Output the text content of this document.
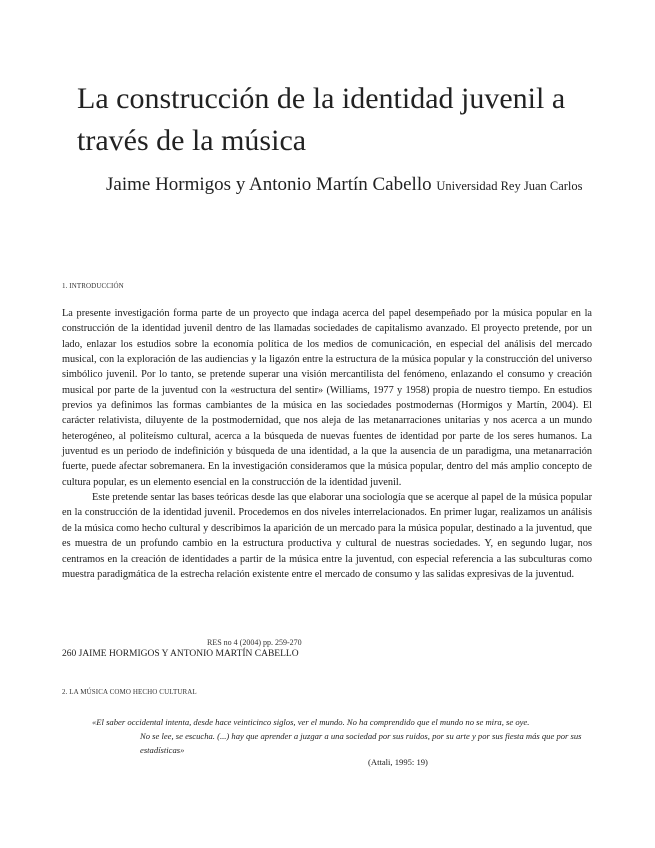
La construcción de la identidad juvenil a través de la música
Jaime Hormigos y Antonio Martín Cabello Universidad Rey Juan Carlos
1. INTRODUCCIÓN

La presente investigación forma parte de un proyecto que indaga acerca del papel desempeñado por la música popular en la construcción de la identidad juvenil dentro de las llamadas sociedades de capitalismo avanzado. El proyecto pretende, por un lado, enlazar los estudios sobre la economía política de los medios de comunicación, en especial del análisis del mercado musical, con la exploración de las audiencias y la ligazón entre la estructura de la música popular y la construcción del universo simbólico juvenil. Por lo tanto, se pretende superar una visión mercantilista del fenómeno, enlazando el consumo y creación musical por parte de la juventud con la «estructura del sentir» (Williams, 1977 y 1958) propia de nuestro tiempo. En estudios previos ya definimos las formas cambiantes de la música en las sociedades postmodernas (Hormigos y Martín, 2004). El carácter relativista, diluyente de la postmodernidad, que nos aleja de las metanarraciones unitarias y nos acerca a un mundo heterogéneo, al politeísmo cultural, acerca a la búsqueda de nuevas fuentes de identidad por parte de los seres humanos. La juventud es un periodo de indefinición y búsqueda de una identidad, a la que la ausencia de un paradigma, una metanarración fuerte, puede afectar sobremanera. En la investigación consideramos que la música popular, dentro del más amplio concepto de cultura popular, es un elemento esencial en la construcción de la identidad juvenil.

Este pretende sentar las bases teóricas desde las que elaborar una sociología que se acerque al papel de la música popular en la construcción de la identidad juvenil. Procedemos en dos niveles interrelacionados. En primer lugar, realizamos un análisis de la música como hecho cultural y describimos la aparición de un mercado para la música popular, destinado a la juventud, que es muestra de un profundo cambio en la estructura productiva y cultural de nuestras sociedades. Y, en segundo lugar, nos centramos en la creación de identidades a partir de la música entre la juventud, con especial referencia a las subculturas como muestra paradigmática de la estrecha relación existente entre el mercado de consumo y las salidas expresivas de la juventud.

RES no 4 (2004) pp. 259-270
260 JAIME HORMIGOS Y ANTONIO MARTÍN CABELLO
2. LA MÚSICA COMO HECHO CULTURAL
«El saber occidental intenta, desde hace veinticinco siglos, ver el mundo. No ha comprendido que el mundo no se mira, se oye.
No se lee, se escucha. (...) hay que aprender a juzgar a una sociedad por sus ruidos, por su arte y por sus fiesta más que por sus estadísticas»
(Attali, 1995: 19)
